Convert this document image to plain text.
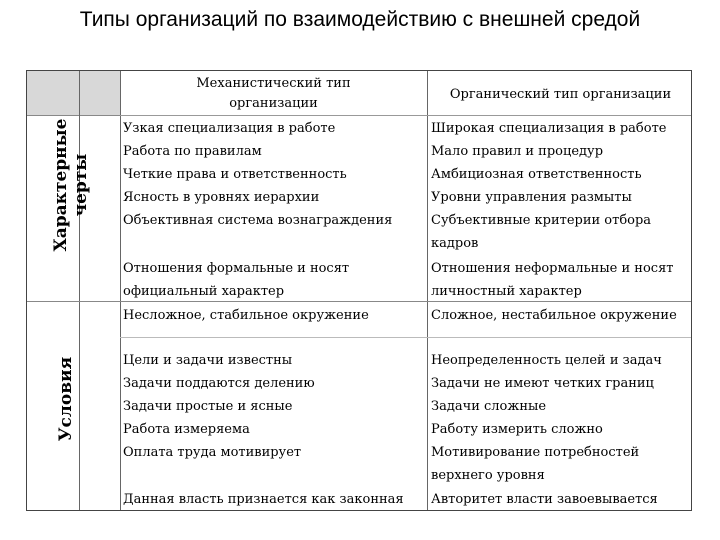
Типы организаций по взаимодействию с внешней средой
Характерные
черты
Условия
Механистический тип
организации
Органический тип организации
Узкая специализация в работе
Работа по правилам
Четкие права и ответственность
Ясность в уровнях иерархии
Объективная система вознаграждения
Широкая специализация в работе
Мало правил и процедур
Амбициозная ответственность
Уровни управления размыты
Субъективные критерии отбора
кадров
Отношения формальные и носят
официальный характер
Отношения неформальные и носят
личностный характер
Несложное, стабильное окружение	Сложное, нестабильное окружение
Цели и задачи известны
Задачи поддаются делению
Задачи простые и ясные
Работа измеряема
Оплата труда мотивирует
Неопределенность целей и задач
Задачи не имеют четких границ
Задачи сложные
Работу измерить сложно
Мотивирование потребностей
верхнего уровня
Данная власть признается как законная Авторитет власти завоевывается
